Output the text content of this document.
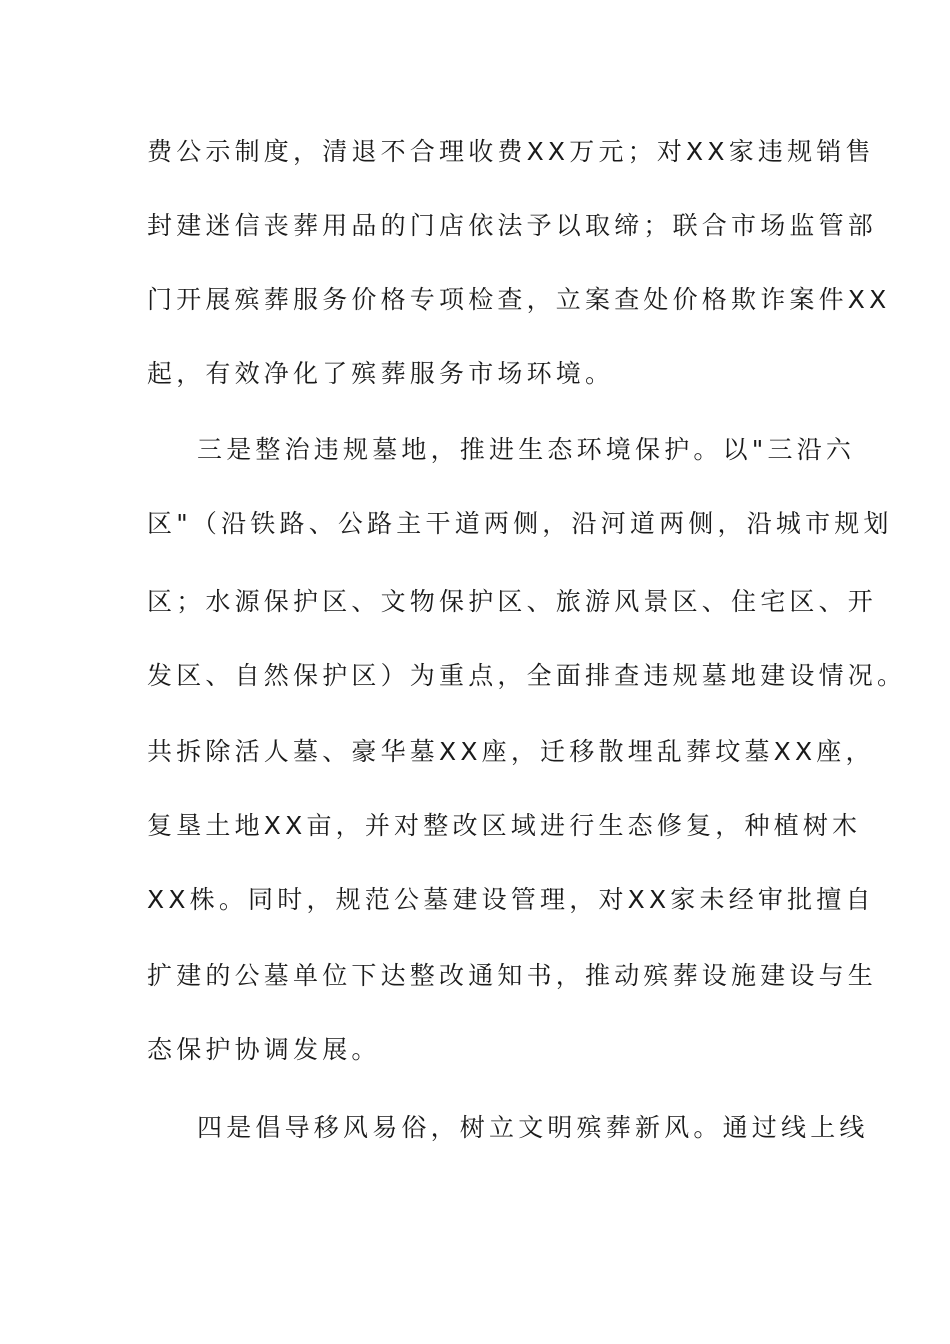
费公示制度，清退不合理收费XX万元；对XX家违规销售

封建迷信丧葬用品的门店依法予以取缔；联合市场监管部

门开展殡葬服务价格专项检查，立案查处价格欺诈案件XX

起，有效净化了殡葬服务市场环境。

三是整治违规墓地，推进生态环境保护。以"三沿六

区"（沿铁路、公路主干道两侧，沿河道两侧，沿城市规划

区；水源保护区、文物保护区、旅游风景区、住宅区、开

发区、自然保护区）为重点，全面排查违规墓地建设情况。

共拆除活人墓、豪华墓XX座，迁移散埋乱葬坟墓XX座，

复垦土地XX亩，并对整改区域进行生态修复，种植树木

XX株。同时，规范公墓建设管理，对XX家未经审批擅自

扩建的公墓单位下达整改通知书，推动殡葬设施建设与生

态保护协调发展。

四是倡导移风易俗，树立文明殡葬新风。通过线上线
